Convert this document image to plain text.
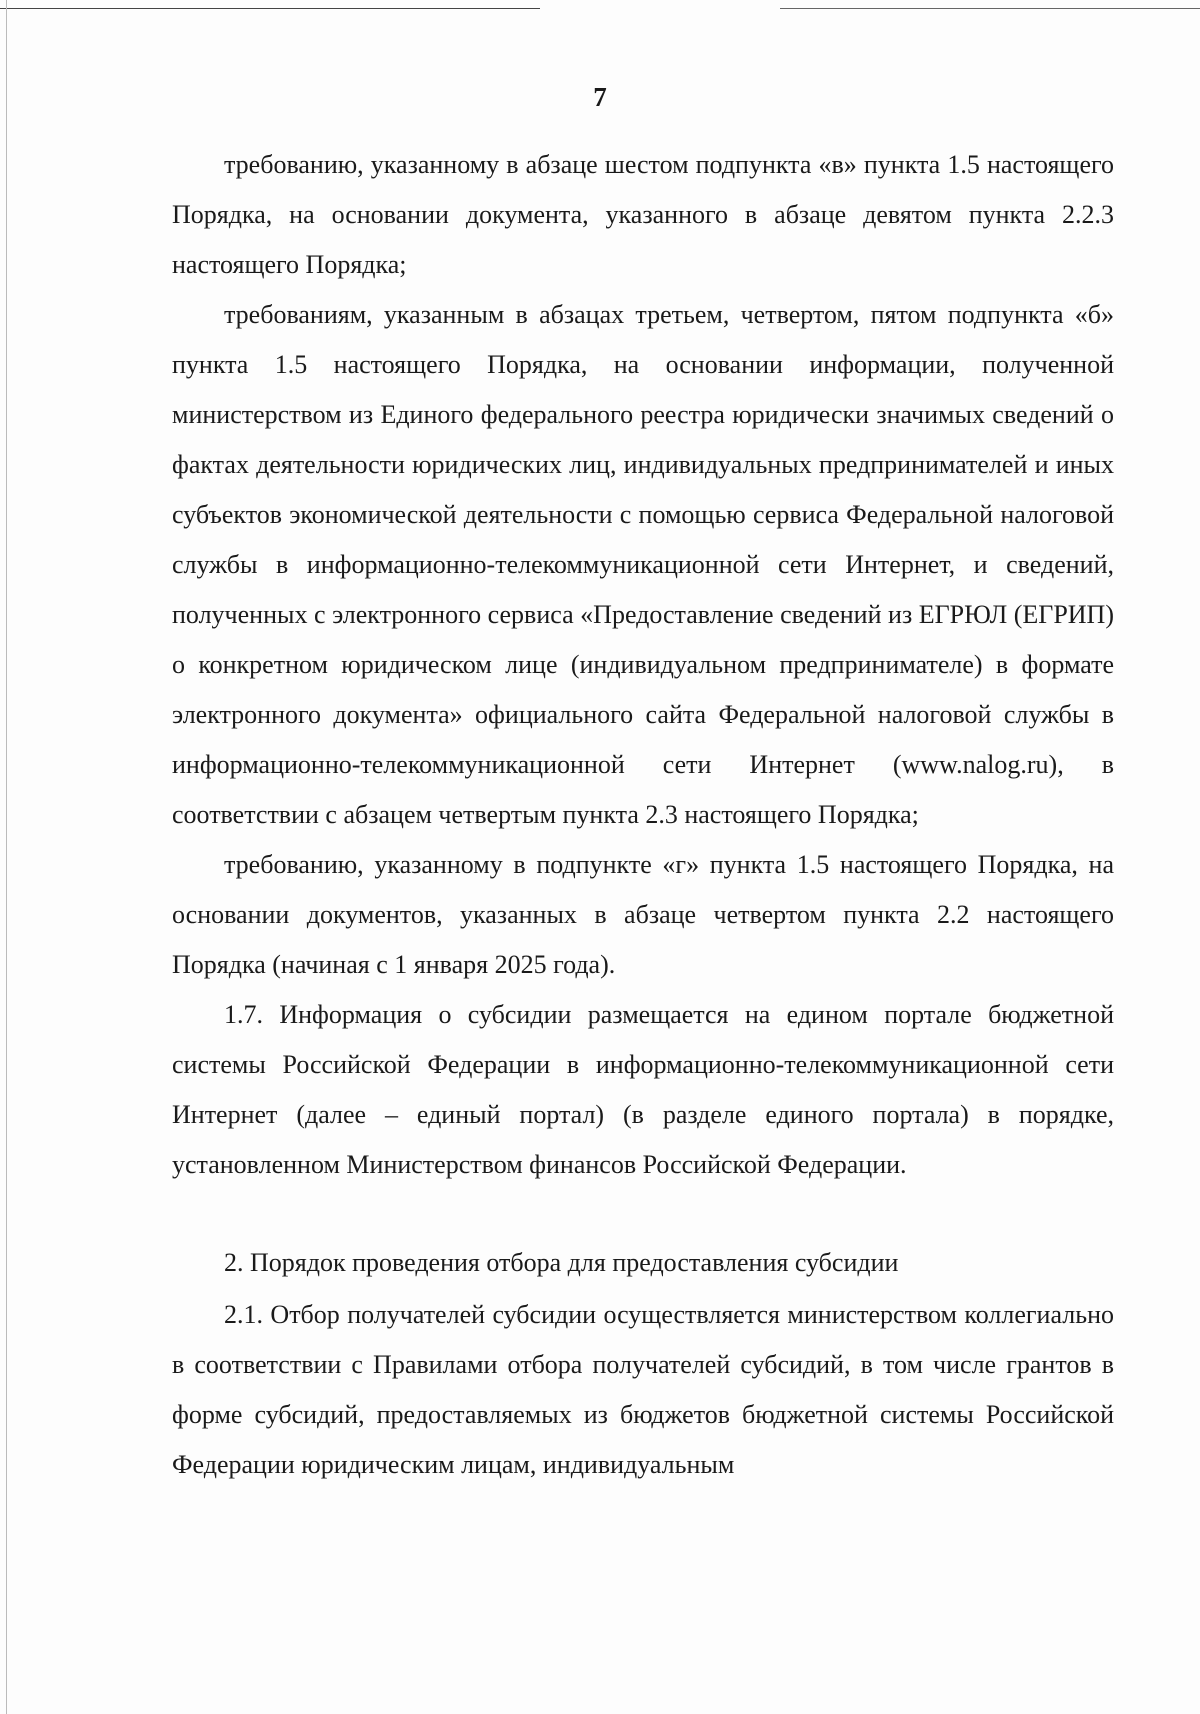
7

требованию, указанному в абзаце шестом подпункта «в» пункта 1.5 настоящего Порядка, на основании документа, указанного в абзаце девятом пункта 2.2.3 настоящего Порядка;

требованиям, указанным в абзацах третьем, четвертом, пятом подпункта «б» пункта 1.5 настоящего Порядка, на основании информации, полученной министерством из Единого федерального реестра юридически значимых сведений о фактах деятельности юридических лиц, индивидуальных предпринимателей и иных субъектов экономической деятельности с помощью сервиса Федеральной налоговой службы в информационно-телекоммуникационной сети Интернет, и сведений, полученных с электронного сервиса «Предоставление сведений из ЕГРЮЛ (ЕГРИП) о конкретном юридическом лице (индивидуальном предпринимателе) в формате электронного документа» официального сайта Федеральной налоговой службы в информационно-телекоммуникационной сети Интернет (www.nalog.ru), в соответствии с абзацем четвертым пункта 2.3 настоящего Порядка;

требованию, указанному в подпункте «г» пункта 1.5 настоящего Порядка, на основании документов, указанных в абзаце четвертом пункта 2.2 настоящего Порядка (начиная с 1 января 2025 года).

1.7. Информация о субсидии размещается на едином портале бюджетной системы Российской Федерации в информационно-телекоммуникационной сети Интернет (далее – единый портал) (в разделе единого портала) в порядке, установленном Министерством финансов Российской Федерации.

2. Порядок проведения отбора для предоставления субсидии

2.1. Отбор получателей субсидии осуществляется министерством коллегиально в соответствии с Правилами отбора получателей субсидий, в том числе грантов в форме субсидий, предоставляемых из бюджетов бюджетной системы Российской Федерации юридическим лицам, индивидуальным
